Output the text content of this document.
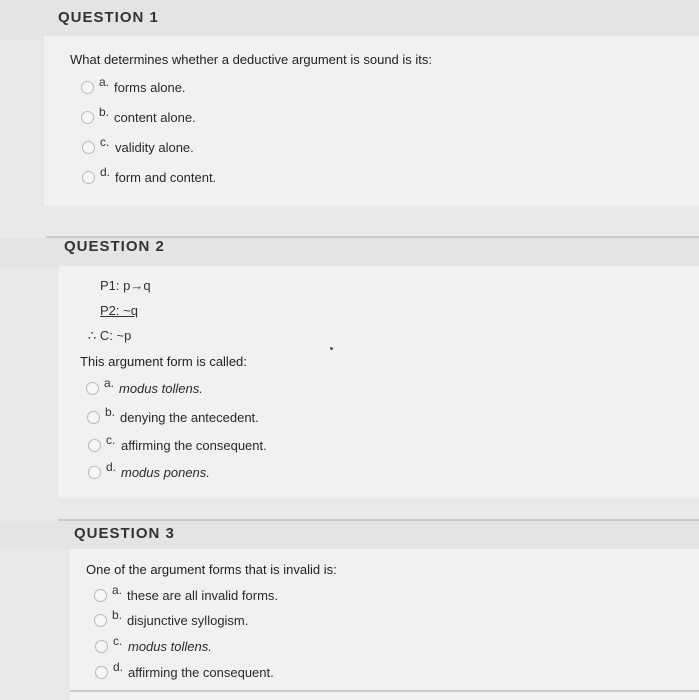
QUESTION 1
What determines whether a deductive argument is sound is its:
a. forms alone.
b. content alone.
c. validity alone.
d. form and content.
QUESTION 2
P1: p→q
P2: ~q
∴ C: ~p
This argument form is called:
a. modus tollens.
b. denying the antecedent.
c. affirming the consequent.
d. modus ponens.
QUESTION 3
One of the argument forms that is invalid is:
a. these are all invalid forms.
b. disjunctive syllogism.
c. modus tollens.
d. affirming the consequent.
